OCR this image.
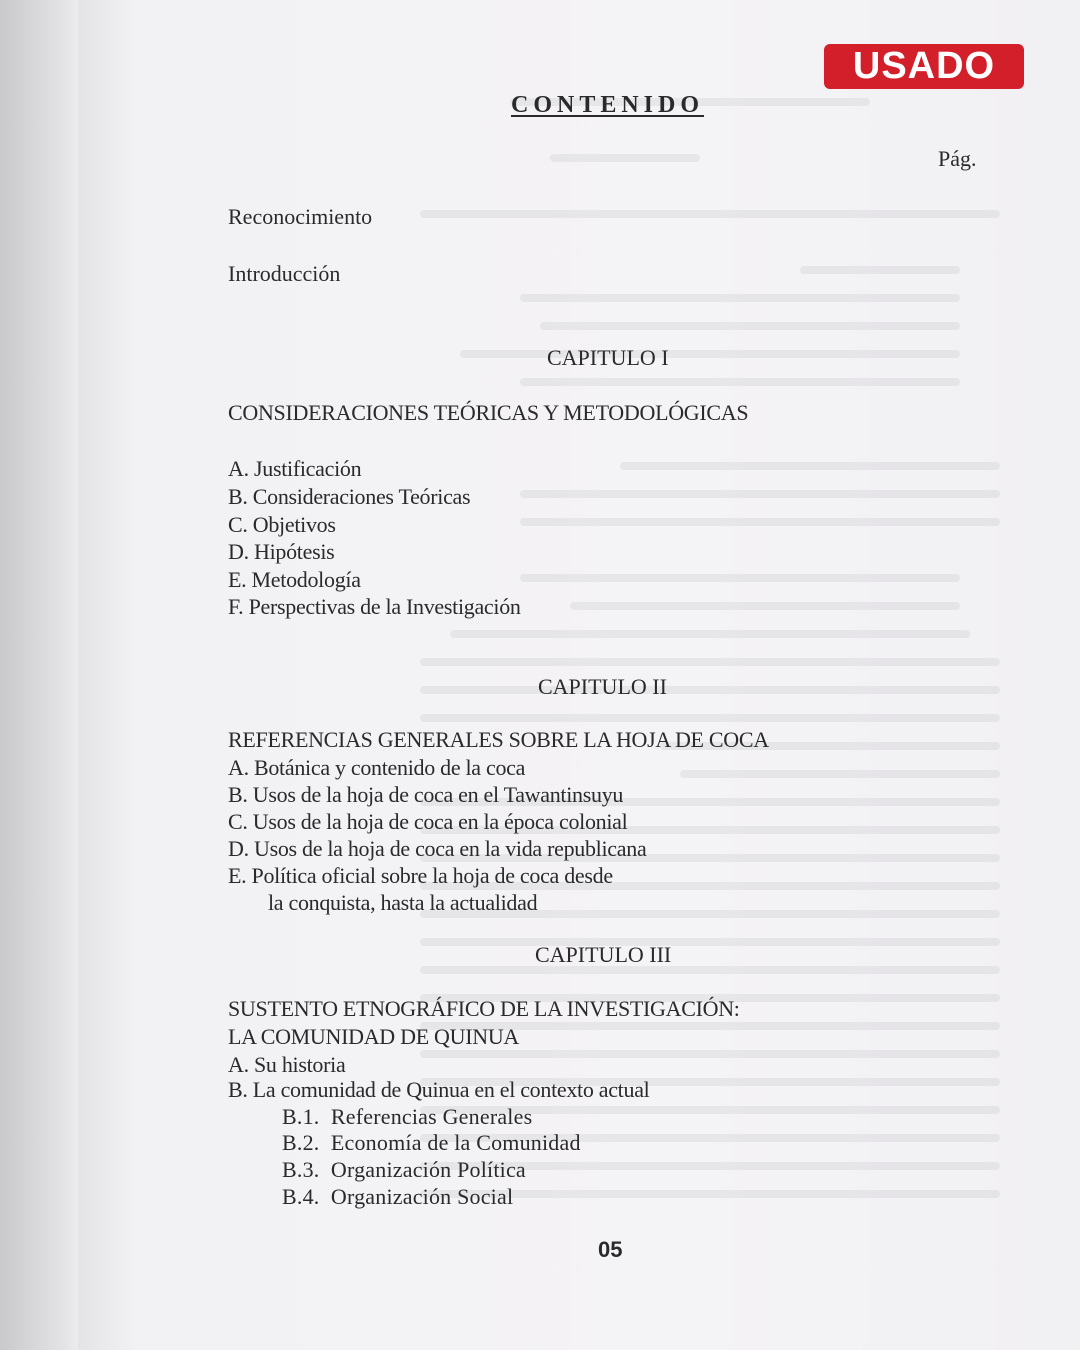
USADO
CONTENIDO
Pág.
Reconocimiento
Introducción
CAPITULO I
CONSIDERACIONES TEÓRICAS Y METODOLÓGICAS
A. Justificación
B. Consideraciones Teóricas
C. Objetivos
D. Hipótesis
E. Metodología
F. Perspectivas de la Investigación
CAPITULO II
REFERENCIAS GENERALES SOBRE LA HOJA DE COCA
A. Botánica y contenido de la coca
B. Usos de la hoja de coca en el Tawantinsuyu
C. Usos de la hoja de coca en la época colonial
D. Usos de la hoja de coca en la vida republicana
E. Política oficial sobre la hoja de coca desde
la conquista, hasta la actualidad
CAPITULO III
SUSTENTO ETNOGRÁFICO DE LA INVESTIGACIÓN:
LA COMUNIDAD DE QUINUA
A. Su historia
B. La comunidad de Quinua en el contexto actual
B.1.  Referencias Generales
B.2.  Economía de la Comunidad
B.3.  Organización Política
B.4.  Organización Social
05
